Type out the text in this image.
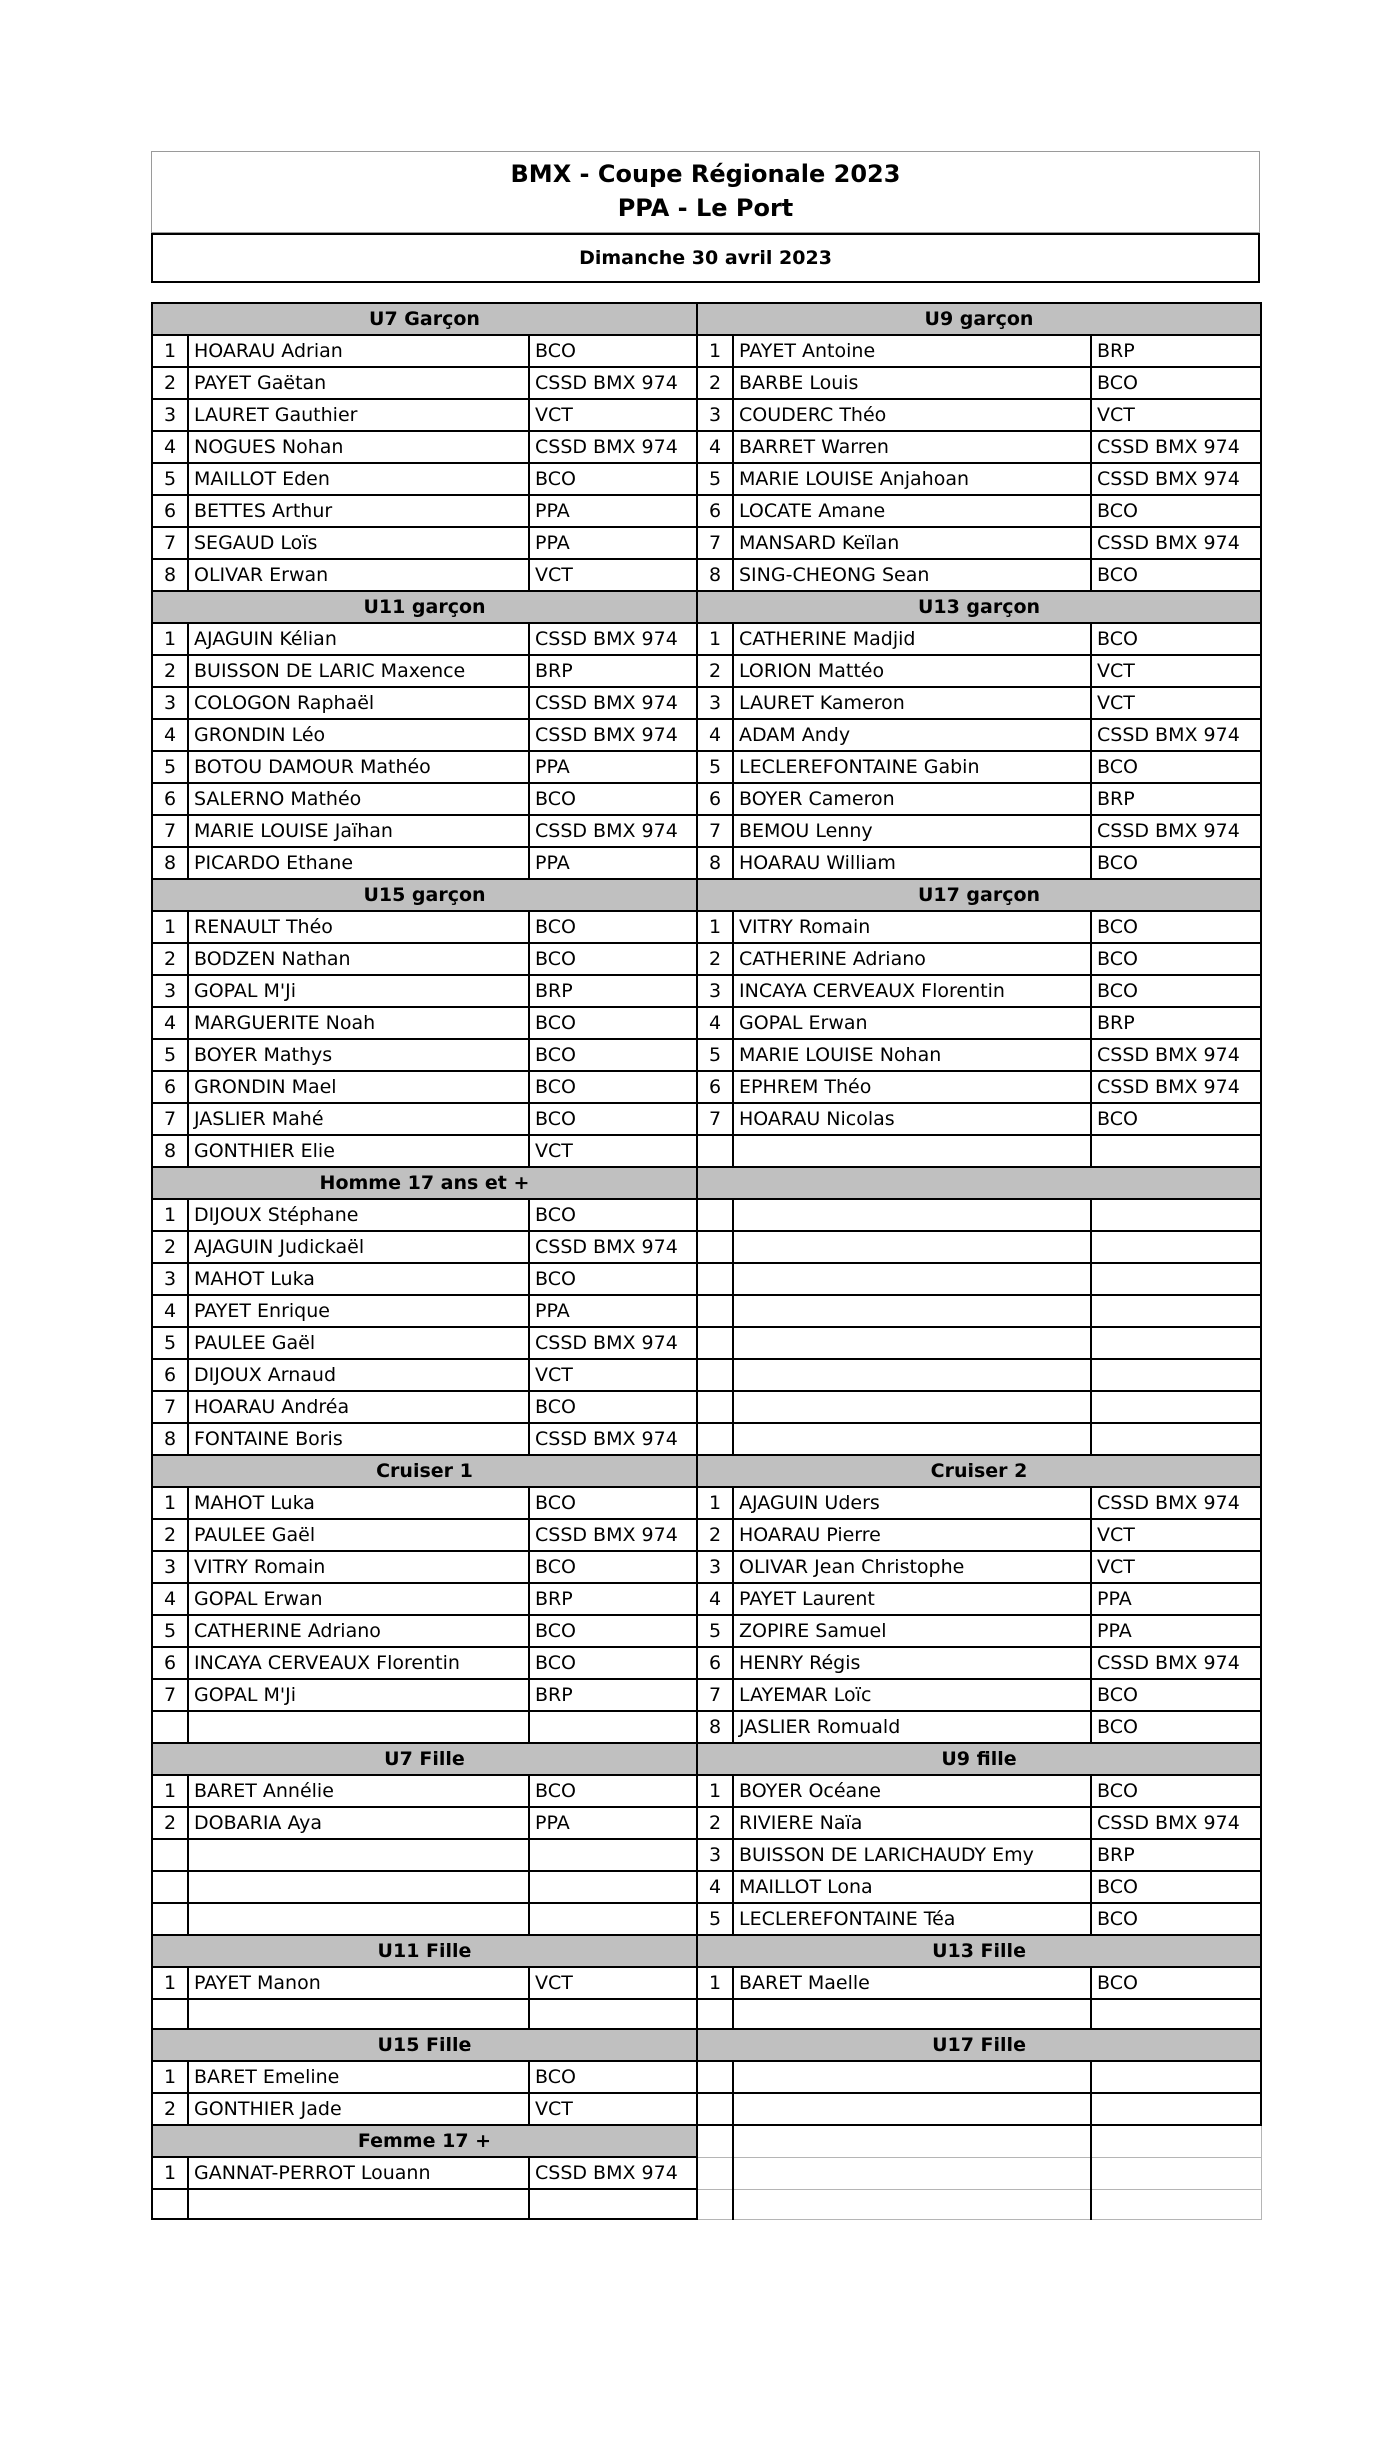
BMX - Coupe Régionale 2023
PPA - Le Port
Dimanche 30 avril 2023
U7 Garçon			U9 garçon		
1	HOARAU Adrian	BCO	1	PAYET Antoine	BRP
2	PAYET Gaëtan	CSSD BMX 974	2	BARBE Louis	BCO
3	LAURET Gauthier	VCT	3	COUDERC Théo	VCT
4	NOGUES Nohan	CSSD BMX 974	4	BARRET Warren	CSSD BMX 974
5	MAILLOT Eden	BCO	5	MARIE LOUISE Anjahoan	CSSD BMX 974
6	BETTES Arthur	PPA	6	LOCATE Amane	BCO
7	SEGAUD Loïs	PPA	7	MANSARD Keïlan	CSSD BMX 974
8	OLIVAR Erwan	VCT	8	SING-CHEONG Sean	BCO
U11 garçon			U13 garçon		
1	AJAGUIN Kélian	CSSD BMX 974	1	CATHERINE Madjid	BCO
2	BUISSON DE LARIC Maxence	BRP	2	LORION Mattéo	VCT
3	COLOGON Raphaël	CSSD BMX 974	3	LAURET Kameron	VCT
4	GRONDIN Léo	CSSD BMX 974	4	ADAM Andy	CSSD BMX 974
5	BOTOU DAMOUR Mathéo	PPA	5	LECLEREFONTAINE Gabin	BCO
6	SALERNO Mathéo	BCO	6	BOYER Cameron	BRP
7	MARIE LOUISE Jaïhan	CSSD BMX 974	7	BEMOU Lenny	CSSD BMX 974
8	PICARDO Ethane	PPA	8	HOARAU William	BCO
U15 garçon			U17 garçon		
1	RENAULT Théo	BCO	1	VITRY Romain	BCO
2	BODZEN Nathan	BCO	2	CATHERINE Adriano	BCO
3	GOPAL M'Ji	BRP	3	INCAYA CERVEAUX Florentin	BCO
4	MARGUERITE Noah	BCO	4	GOPAL Erwan	BRP
5	BOYER Mathys	BCO	5	MARIE LOUISE Nohan	CSSD BMX 974
6	GRONDIN Mael	BCO	6	EPHREM Théo	CSSD BMX 974
7	JASLIER Mahé	BCO	7	HOARAU Nicolas	BCO
8	GONTHIER Elie	VCT			
Homme 17 ans et +					
1	DIJOUX Stéphane	BCO			
2	AJAGUIN Judickaël	CSSD BMX 974			
3	MAHOT Luka	BCO			
4	PAYET Enrique	PPA			
5	PAULEE Gaël	CSSD BMX 974			
6	DIJOUX Arnaud	VCT			
7	HOARAU Andréa	BCO			
8	FONTAINE Boris	CSSD BMX 974			
Cruiser 1			Cruiser 2		
1	MAHOT Luka	BCO	1	AJAGUIN Uders	CSSD BMX 974
2	PAULEE Gaël	CSSD BMX 974	2	HOARAU Pierre	VCT
3	VITRY Romain	BCO	3	OLIVAR Jean Christophe	VCT
4	GOPAL Erwan	BRP	4	PAYET Laurent	PPA
5	CATHERINE Adriano	BCO	5	ZOPIRE Samuel	PPA
6	INCAYA CERVEAUX Florentin	BCO	6	HENRY Régis	CSSD BMX 974
7	GOPAL M'Ji	BRP	7	LAYEMAR Loïc	BCO
			8	JASLIER Romuald	BCO
U7 Fille			U9 fille		
1	BARET Annélie	BCO	1	BOYER Océane	BCO
2	DOBARIA Aya	PPA	2	RIVIERE Naïa	CSSD BMX 974
			3	BUISSON DE LARICHAUDY Emy	BRP
			4	MAILLOT Lona	BCO
			5	LECLEREFONTAINE Téa	BCO
U11 Fille			U13 Fille		
1	PAYET Manon	VCT	1	BARET Maelle	BCO

U15 Fille			U17 Fille		
1	BARET Emeline	BCO			
2	GONTHIER Jade	VCT			
Femme 17 +					
1	GANNAT-PERROT Louann	CSSD BMX 974			
